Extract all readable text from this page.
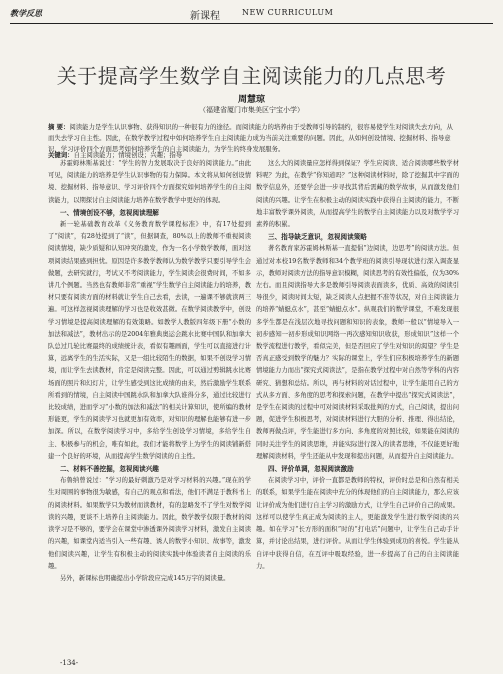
教学反思	新课程	NEW CURRICULUM
关于提高学生数学自主阅读能力的几点思考
周慧琼
（福建省厦门市集美区宁宝小学）
摘 要：阅读能力是学生认识事物、获得知识的一种很有力的途径。而阅读能力的培养由于受教师引导的制约，很容易使学生对阅读失去方向，从而失去学习自主性。因此，在数学教学过程中如何培养学生自主阅读能力成为当前关注重要的问题。因此，从如何创设情境、挖掘材料、指导意识、学习评价四个方面思考如何培养学生的自主阅读能力，为学生的终身发展服务。
关键词：自主阅读能力；情境创设；兴趣；指导

苏霍姆林斯基说过：“学生的智力发展取决于良好的阅读能力。”由此可见，阅读能力的培养是学生认识事物的有力保障。本文将从如何创设情境、挖掘材料、指导意识、学习评价四个方面探究如何培养学生的自主阅读能力，以期探讨自主阅读能力培养在数学教学中更好的体现。

一、情境创设不够，忽视阅读理解

新一轮基础教育改革《义务教育数学课程标准》中，有17处提到了“阅读”，有28处提到了“读”，但据调查，80%以上的教师不重视阅读阅读情境，缺少质疑和认知冲突的激发，作为一名小学数学教师，面对这项阅读结果感到担忧。原因是许多教学教师认为数学教学只要引导学生会做题，去研究就行，考试又不考阅读能力，学生阅读会很费时间，不如多讲几个例题。当然也有教师非常“重视”学生数学自主阅读能力的培养，教材只要有阅读方面的材料就让学生自己去看，去读，一遍课不够就读两三遍。可这样忽视阅读理解的学习也是收效甚微。在数学阅读教学中，创设学习情境是提高阅读理解的有效策略。如教学人教版四年级下册“小数的加法和减法”，教材出示的是2004年雅典奥运会跳水比赛中国队和加拿大队总过几轮比赛最终的成绩统计表，看似有趣画面，学生可以直接进行计算，远离学生的生活实际，又是一组比较陌生的数据，如果不创设学习情境，而让学生去读教材，肯定是阅读完整。因此，可以通过剪辑跳水比赛场面的照片和幻灯片，让学生感受到这比成绩的由来，然后激励学生联系所看到的情境，自主阅读中国跳水队和加拿大队谁得分多，通过比较进行比较成绩，进而学习“小数的加法和减法”的相关计算知识，使所编的教材形能更，学生的阅读学习也就更加有效率，对知识的理解也能够有进一步加深。所以，在数学阅读学习中，多给学生创设学习情境，多给学生自主、积极参与的机会，唯有如此，我们才能将数学上为学生的阅读铺新搭建一个良好的环境，从而提高学生数学阅读的自主性。

二、材料不善挖掘，忽视阅读兴趣

布鲁纳曾说过：“学习的最好刺激乃是对学习材料的兴趣。”现在的学生对周围的事物很为敏感，有自己的观点和看法，他们不满足于教科书上的阅读材料。如果数学只为教材而读教材，有的忽略发不了学生对数学阅读的兴趣，更谈不上培养自主阅读能力。因此，数学教学仅限于教材的阅读学习是不够的，要学会在课堂中渗透课外阅读学习材料，激发自主阅读的兴趣，如课堂内适当引入一些有趣、诱人的数学小知识、故事等，激发他们阅读兴趣，让学生有积极主动的阅读实践中体验读者自主阅读的乐趣。

另外，新课标也明确提出小学阶段应完成145万字的阅读量。

这么大的阅读量应怎样得到保证？学生应阅读、适合阅读哪些数学材料呢？为此，在教学“你知道吗？”这种阅读材料时，除了挖掘其中字面的数学信息外，还要学会进一步寻找其背后需藏的数学故事，从而激发他们阅读的兴趣。让学生在积极主动的阅读实践中获得自主阅读的能力，不断地丰富数学课外阅读，从而提高学生的数学自主阅读能力以及对数学学习素养的积累。

三、指导缺乏意识，忽视阅读策略

著名教育家苏霍姆林斯基一直提倡“边阅读，边思考”的阅读方法。但通过对本校19名数学教师和34个教学班的阅读引导现状进行深入调查显示，教师对阅读方法的指导意识模糊，阅读思考的有效性偏低，仅为30%左右。而且阅读指导大多是教师引导阅读表面读多，优质、高效的阅读引导很少，阅读时间太短，缺乏阅读人点把握不准等状况，对自主阅读能力的培养“蜻蜓点水”，甚至“蜻蜓点水”。纵观我们的数学课堂，不难发现很多学生都是在浅层次地寻找问题和知识的表象，教师一般以“情境导入一初步感知一初步形成知识网络一再次感知知识收获，形成知识”这样一个数学流程进行教学，看似完美，但是否回应了学生对知识的渴望？学生是否真正感受到数学的魅力？实际的课堂上，学生们应积极培养学生的新题情境能力力而出“探究式阅读法”，是指在教学过程中对自然等学科的内容研究、猜想和总结。所以，再与材料的对话过程中，让学生能用自己的方式从多方面、多角度的思考和探索问题，在教学中提出“探究式阅读法”，是学生在阅读的过程中可对阅读材料采取批判的方式，自己阅读，提出问题，促进学生积极思考，对阅读材料进行大胆的分析、推理、得出结论，教师再做点评，学生能进行多方向、多角度的对照比较，如果能在阅读的同时关注学生的阅读思维，并能实际进行深入的读者思维，不仅能更好地理解阅读材料，学生还能从中发现和提出问题，从而提升自主阅读能力。

四、评价单调，忽视阅读激励

在阅读学习中，评价一直都是教师的特权，评价时总是和自然有相关的联系，如果学生能在阅读中充分的体现他们的自主阅读能力，那么应该让评价成为他们进行自主学习的激励方式，让学生自己评价自己的成果。这样可以使学生真正成为阅读的主人，更能激发学生进行数学阅读的兴趣。如在学习“长方形的面积”时的“打电话”问题中，让学生自己动手计算，并讨论出结果，进行评价。从而让学生体验到成功的喜悦。学生能从自评中获得自信，在互评中吸取经验，进一步提高了自己的自主阅读能力。

-134-
